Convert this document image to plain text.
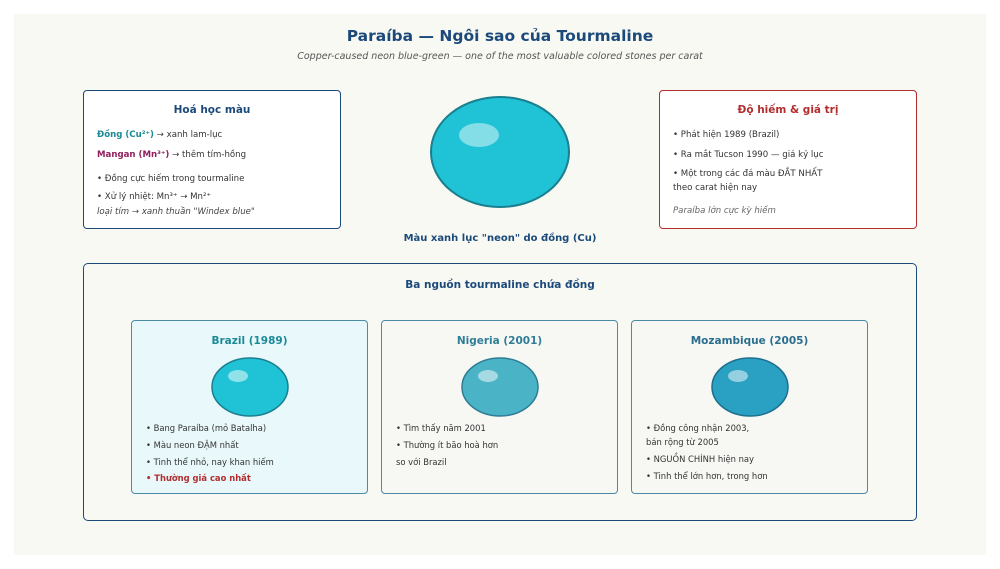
Paraíba — Ngôi sao của Tourmaline
Copper-caused neon blue-green — one of the most valuable colored stones per carat
Hoá học màu
Đồng (Cu²⁺) → xanh lam-lục
Mangan (Mn³⁺) → thêm tím-hồng
• Đồng cực hiếm trong tourmaline
• Xử lý nhiệt: Mn³⁺ → Mn²⁺
loại tím → xanh thuần "Windex blue"
Màu xanh lục "neon" do đồng (Cu)
Độ hiếm & giá trị
• Phát hiện 1989 (Brazil)
• Ra mắt Tucson 1990 — giá kỷ lục
• Một trong các đá màu ĐẮT NHẤT
theo carat hiện nay
Paraíba lớn cực kỳ hiếm
Ba nguồn tourmaline chứa đồng
Brazil (1989)
• Bang Paraíba (mỏ Batalha)
• Màu neon ĐẬM nhất
• Tinh thể nhỏ, nay khan hiếm
• Thường giá cao nhất
Nigeria (2001)
• Tìm thấy năm 2001
• Thường ít bão hoà hơn
so với Brazil
Mozambique (2005)
• Đồng công nhận 2003,
bán rộng từ 2005
• NGUỒN CHÍNH hiện nay
• Tinh thể lớn hơn, trong hơn
